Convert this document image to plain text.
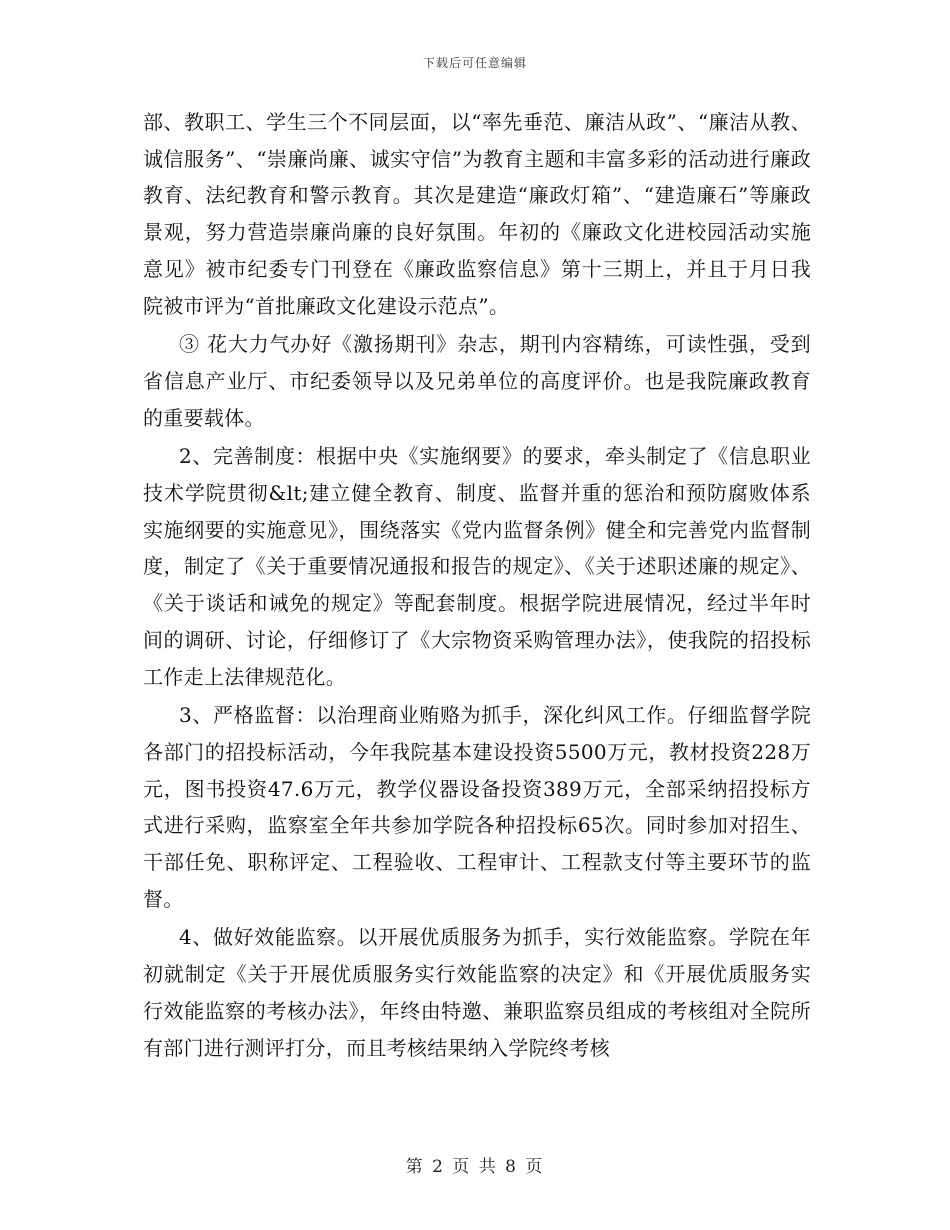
下载后可任意编辑

部、教职工、学生三个不同层面，以“率先垂范、廉洁从政”、“廉洁从教、诚信服务”、“崇廉尚廉、诚实守信”为教育主题和丰富多彩的活动进行廉政教育、法纪教育和警示教育。其次是建造“廉政灯箱”、“建造廉石”等廉政景观，努力营造崇廉尚廉的良好氛围。年初的《廉政文化进校园活动实施意见》被市纪委专门刊登在《廉政监察信息》第十三期上，并且于月日我院被市评为“首批廉政文化建设示范点”。

③ 花大力气办好《激扬期刊》杂志，期刊内容精练，可读性强，受到省信息产业厅、市纪委领导以及兄弟单位的高度评价。也是我院廉政教育的重要载体。

2、完善制度：根据中央《实施纲要》的要求，牵头制定了《信息职业技术学院贯彻&lt;建立健全教育、制度、监督并重的惩治和预防腐败体系实施纲要的实施意见》，围绕落实《党内监督条例》健全和完善党内监督制度，制定了《关于重要情况通报和报告的规定》、《关于述职述廉的规定》、《关于谈话和诫免的规定》等配套制度。根据学院进展情况，经过半年时间的调研、讨论，仔细修订了《大宗物资采购管理办法》，使我院的招投标工作走上法律规范化。

3、严格监督：以治理商业贿赂为抓手，深化纠风工作。仔细监督学院各部门的招投标活动，今年我院基本建设投资5500万元，教材投资228万元，图书投资47.6万元，教学仪器设备投资389万元，全部采纳招投标方式进行采购，监察室全年共参加学院各种招投标65次。同时参加对招生、干部任免、职称评定、工程验收、工程审计、工程款支付等主要环节的监督。

4、做好效能监察。以开展优质服务为抓手，实行效能监察。学院在年初就制定《关于开展优质服务实行效能监察的决定》和《开展优质服务实行效能监察的考核办法》，年终由特邀、兼职监察员组成的考核组对全院所有部门进行测评打分，而且考核结果纳入学院终考核

第 2 页 共 8 页
